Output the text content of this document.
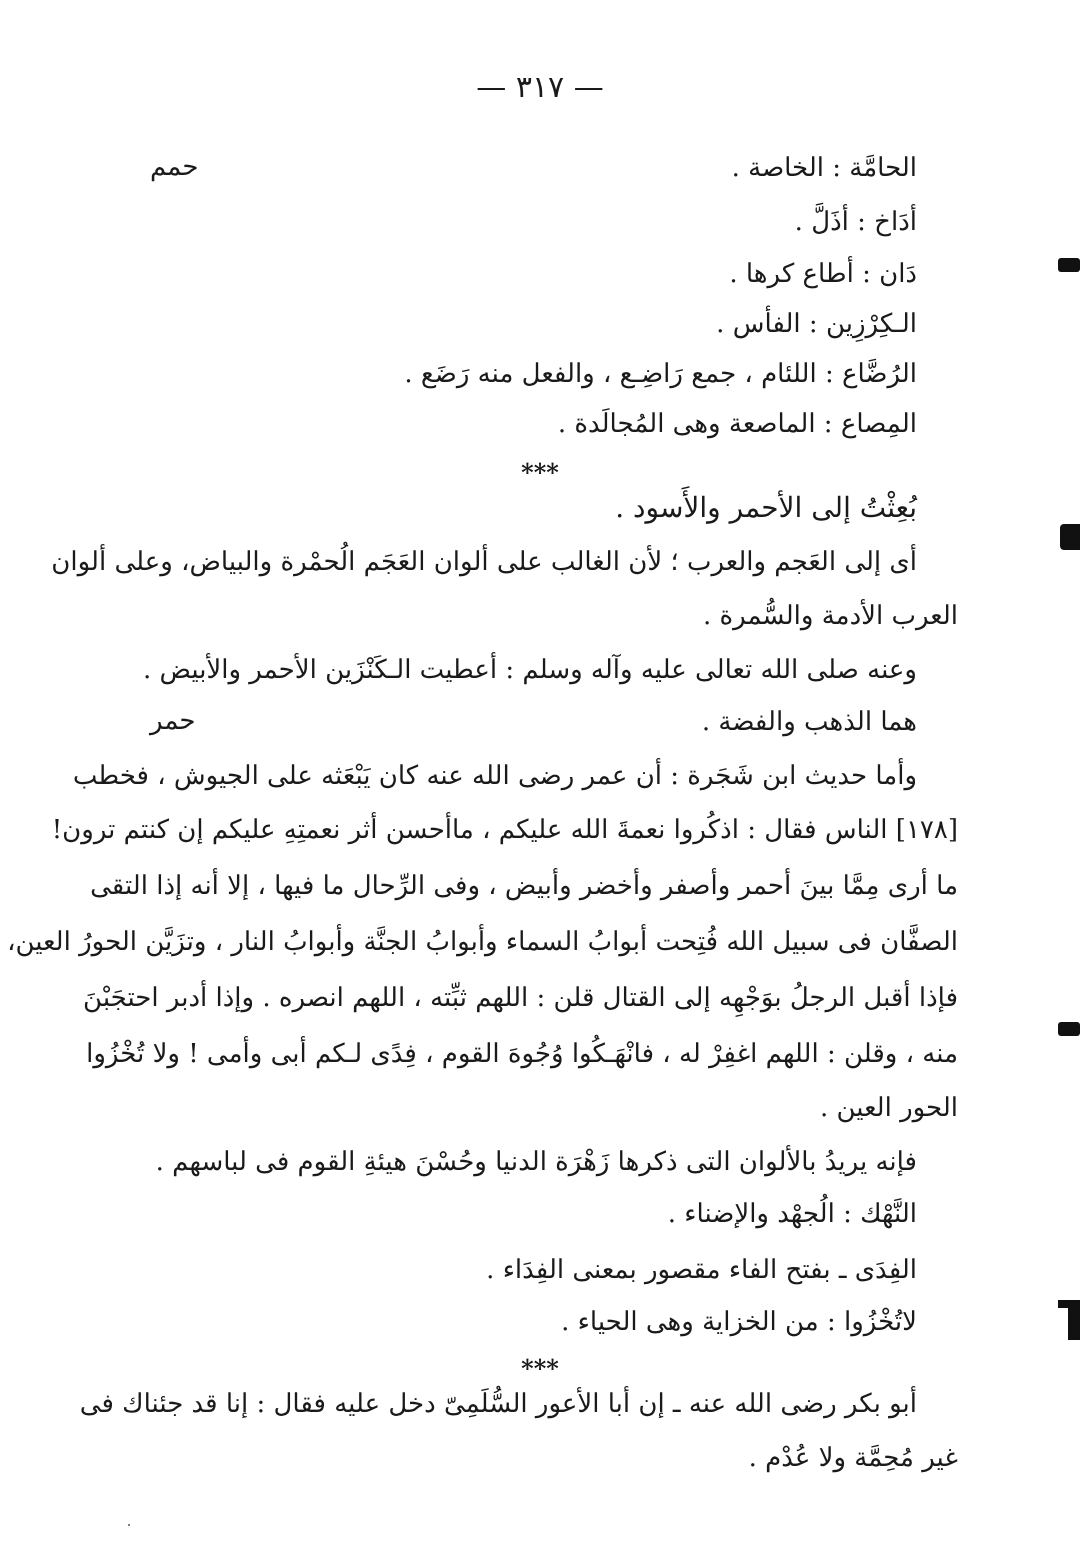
— ٣١٧ —
حمم
حمر
الحامَّة : الخاصة .
أدَاخ : أذَلَّ .
دَان : أطاع كرها .
الـكِرْزِين : الفأس .
الرُضَّاع : اللئام ، جمع رَاضِـع ، والفعل منه رَضَع .
المِصاع : الماصعة وهى المُجالَدة .
***
بُعِثْتُ إلى الأحمر والأَسود .
أى إلى العَجم والعرب ؛ لأن الغالب على ألوان العَجَم الُحمْرة والبياض، وعلى ألوان
العرب الأدمة والسُّمرة .
وعنه صلى الله تعالى عليه وآله وسلم : أعطيت الـكَنْزَين الأحمر والأبيض .
هما الذهب والفضة .
وأما حديث ابن شَجَرة : أن عمر رضى الله عنه كان يَبْعَثه على الجيوش ، فخطب
[١٧٨] الناس فقال : اذكُروا نعمةَ الله عليكم ، ماأحسن أثر نعمتِهِ عليكم إن كنتم ترون!
ما أرى مِمَّا بينَ أحمر وأصفر وأخضر وأبيض ، وفى الرِّحال ما فيها ، إلا أنه إذا التقى
الصفَّان فى سبيل الله فُتِحت أبوابُ السماء وأبوابُ الجنَّة وأبوابُ النار ، وتزَيَّن الحورُ العين،
فإذا أقبل الرجلُ بوَجْهِه إلى القتال قلن : اللهم ثبِّته ، اللهم انصره . وإذا أدبر احتجَبْنَ
منه ، وقلن : اللهم اغفِرْ له ، فانْهَـكُوا وُجُوهَ القوم ، فِدًى لـكم أبى وأمى ! ولا تُخْزُوا
الحور العين .
فإنه يريدُ بالألوان التى ذكرها زَهْرَة الدنيا وحُسْنَ هيئةِ القوم فى لباسهم .
النَّهْك : الُجهْد والإضناء .
الفِدَى ـ بفتح الفاء مقصور بمعنى الفِدَاء .
لاتُخْزُوا : من الخزاية وهى الحياء .
***
أبو بكر رضى الله عنه ـ إن أبا الأعور السُّلَمِىّ دخل عليه فقال : إنا قد جئناك فى
غير مُحِمَّة ولا عُدْم .
